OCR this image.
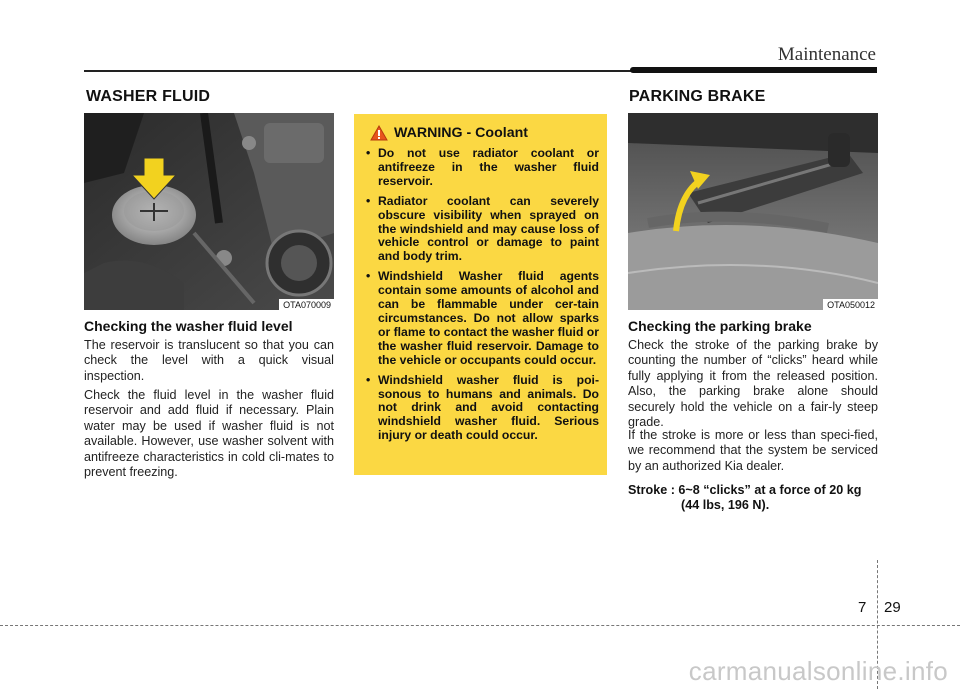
Maintenance
WASHER FLUID	PARKING BRAKE
OTA070009
Checking the washer fluid level

The reservoir is translucent so that you can check the level with a quick visual inspection.

Check the fluid level in the washer fluid reservoir and add fluid if necessary. Plain water may be used if washer fluid is not available. However, use washer solvent with antifreeze characteristics in cold cli-mates to prevent freezing.

WARNING - Coolant
• Do not use radiator coolant or antifreeze in the washer fluid reservoir.
• Radiator coolant can severely obscure visibility when sprayed on the windshield and may cause loss of vehicle control or damage to paint and body trim.
• Windshield Washer fluid agents contain some amounts of alcohol and can be flammable under cer-tain circumstances. Do not allow sparks or flame to contact the washer fluid or the washer fluid reservoir. Damage to the vehicle or occupants could occur.
• Windshield washer fluid is poi-sonous to humans and animals. Do not drink and avoid contacting windshield washer fluid. Serious injury or death could occur.
OTA050012
Checking the parking brake

Check the stroke of the parking brake by counting the number of “clicks” heard while fully applying it from the released position. Also, the parking brake alone should securely hold the vehicle on a fair-ly steep grade.

If the stroke is more or less than speci-fied, we recommend that the system be serviced by an authorized Kia dealer.

Stroke : 6~8 “clicks” at a force of 20 kg
(44 lbs, 196 N).
7 29
carmanualsonline.info
